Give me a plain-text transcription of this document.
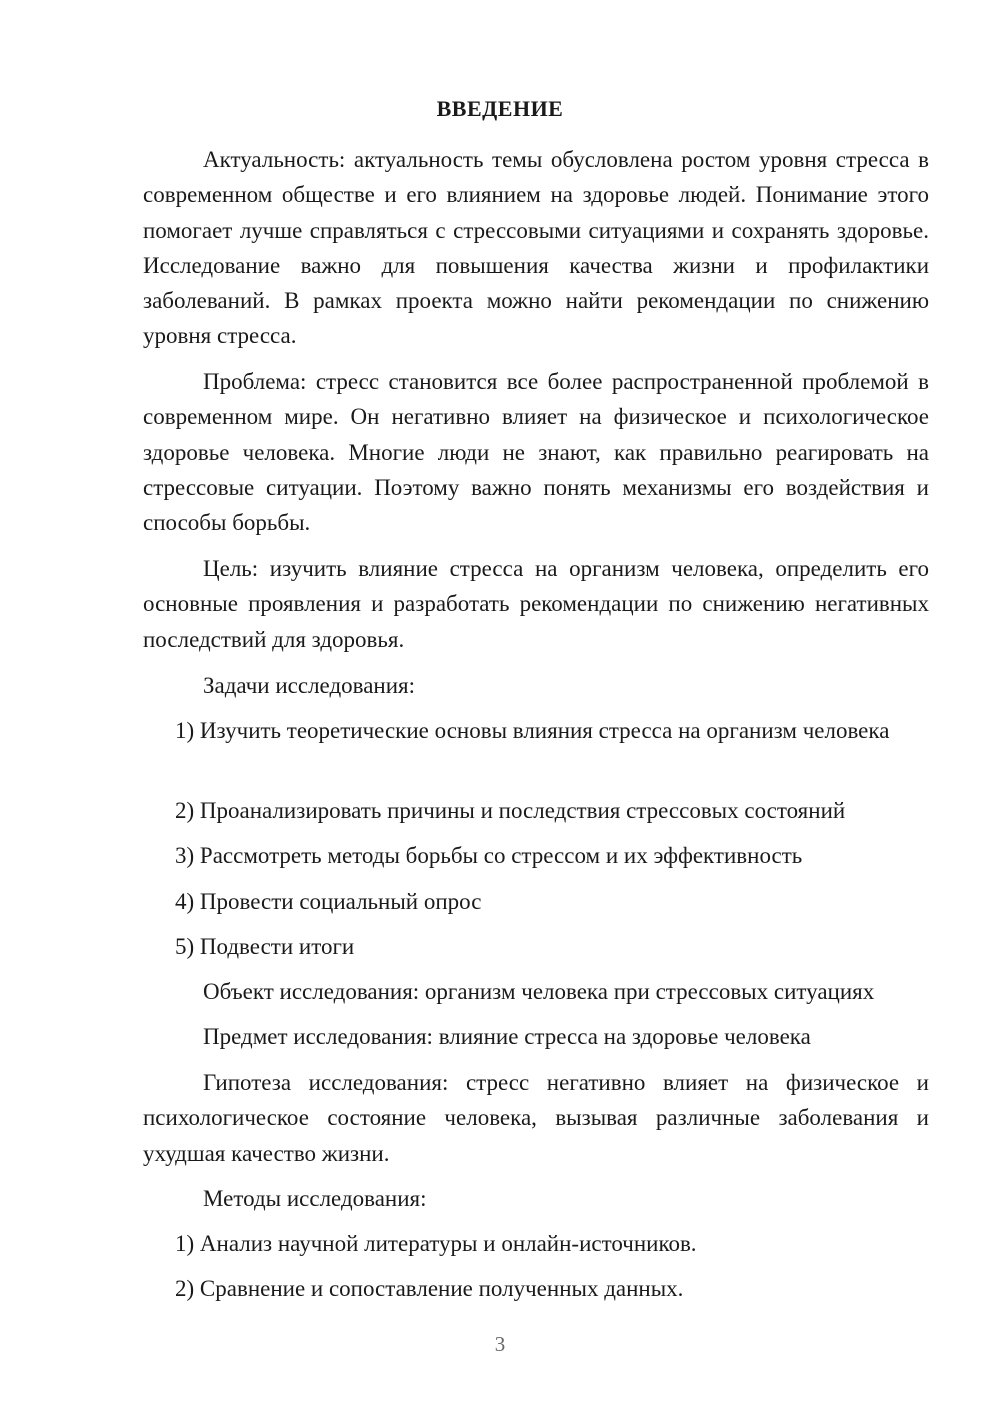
ВВЕДЕНИЕ

Актуальность: актуальность темы обусловлена ростом уровня стресса в современном обществе и его влиянием на здоровье людей. Понимание этого помогает лучше справляться с стрессовыми ситуациями и сохранять здоровье. Исследование важно для повышения качества жизни и профилактики заболеваний. В рамках проекта можно найти рекомендации по снижению уровня стресса.

Проблема: стресс становится все более распространенной проблемой в современном мире. Он негативно влияет на физическое и психологическое здоровье человека. Многие люди не знают, как правильно реагировать на стрессовые ситуации. Поэтому важно понять механизмы его воздействия и способы борьбы.

Цель: изучить влияние стресса на организм человека, определить его основные проявления и разработать рекомендации по снижению негативных последствий для здоровья.

Задачи исследования:

1) Изучить теоретические основы влияния стресса на организм человека

2) Проанализировать причины и последствия стрессовых состояний
3) Рассмотреть методы борьбы со стрессом и их эффективность
4) Провести социальный опрос
5) Подвести итоги
Объект исследования: организм человека при стрессовых ситуациях
Предмет исследования: влияние стресса на здоровье человека

Гипотеза исследования: стресс негативно влияет на физическое и психологическое состояние человека, вызывая различные заболевания и ухудшая качество жизни.

Методы исследования:
1) Анализ научной литературы и онлайн-источников.
2) Сравнение и сопоставление полученных данных.
3
